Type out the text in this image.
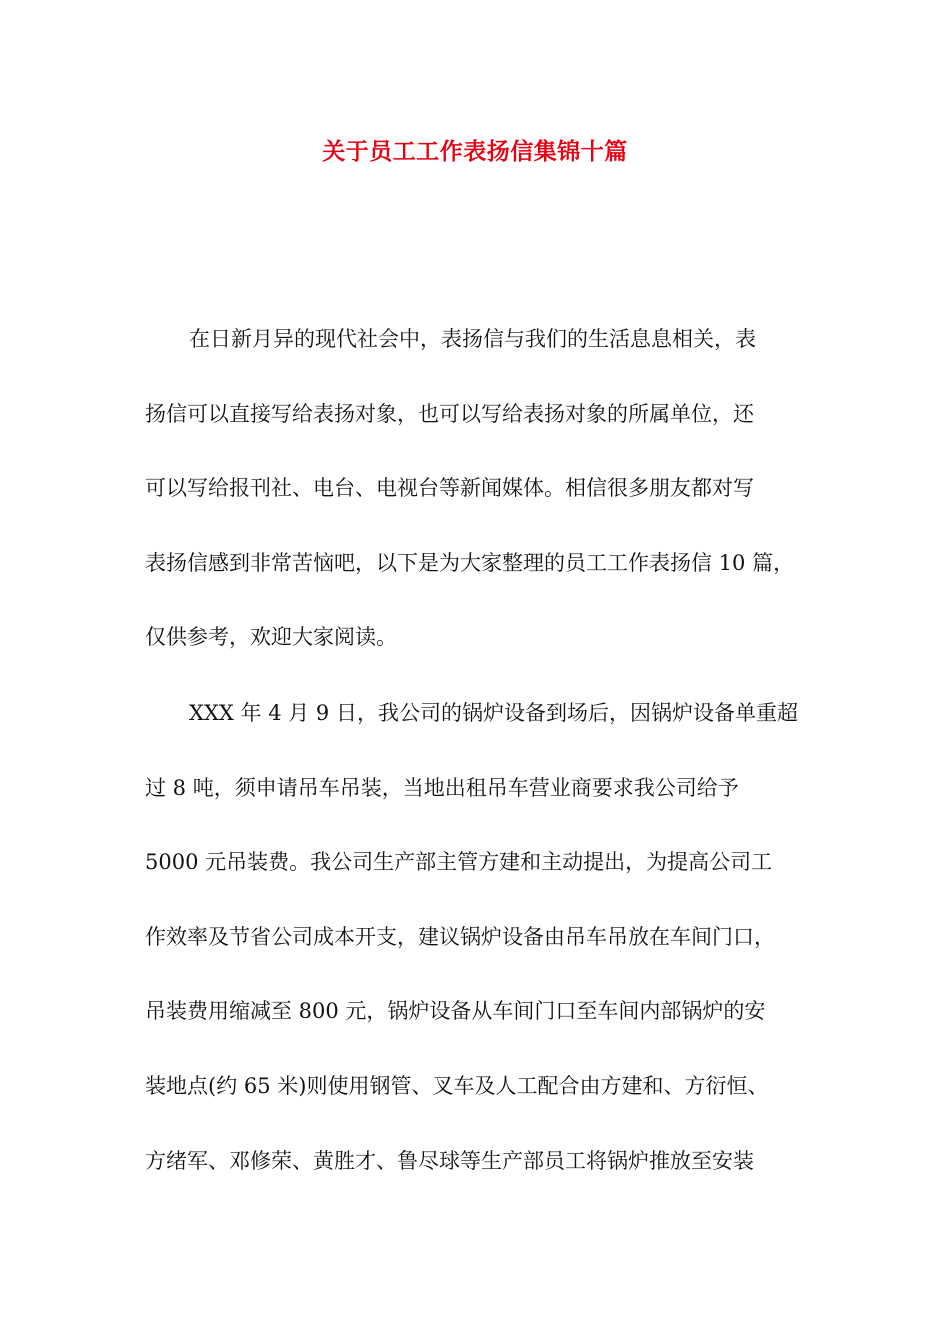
关于员工工作表扬信集锦十篇
在日新月异的现代社会中，表扬信与我们的生活息息相关，表
扬信可以直接写给表扬对象，也可以写给表扬对象的所属单位，还
可以写给报刊社、电台、电视台等新闻媒体。相信很多朋友都对写
表扬信感到非常苦恼吧，以下是为大家整理的员工工作表扬信 10 篇，
仅供参考，欢迎大家阅读。
XXX 年 4 月 9 日，我公司的锅炉设备到场后，因锅炉设备单重超
过 8 吨，须申请吊车吊装，当地出租吊车营业商要求我公司给予
5000 元吊装费。我公司生产部主管方建和主动提出，为提高公司工
作效率及节省公司成本开支，建议锅炉设备由吊车吊放在车间门口，
吊装费用缩减至 800 元，锅炉设备从车间门口至车间内部锅炉的安
装地点(约 65 米)则使用钢管、叉车及人工配合由方建和、方衍恒、
方绪军、邓修荣、黄胜才、鲁尽球等生产部员工将锅炉推放至安装
